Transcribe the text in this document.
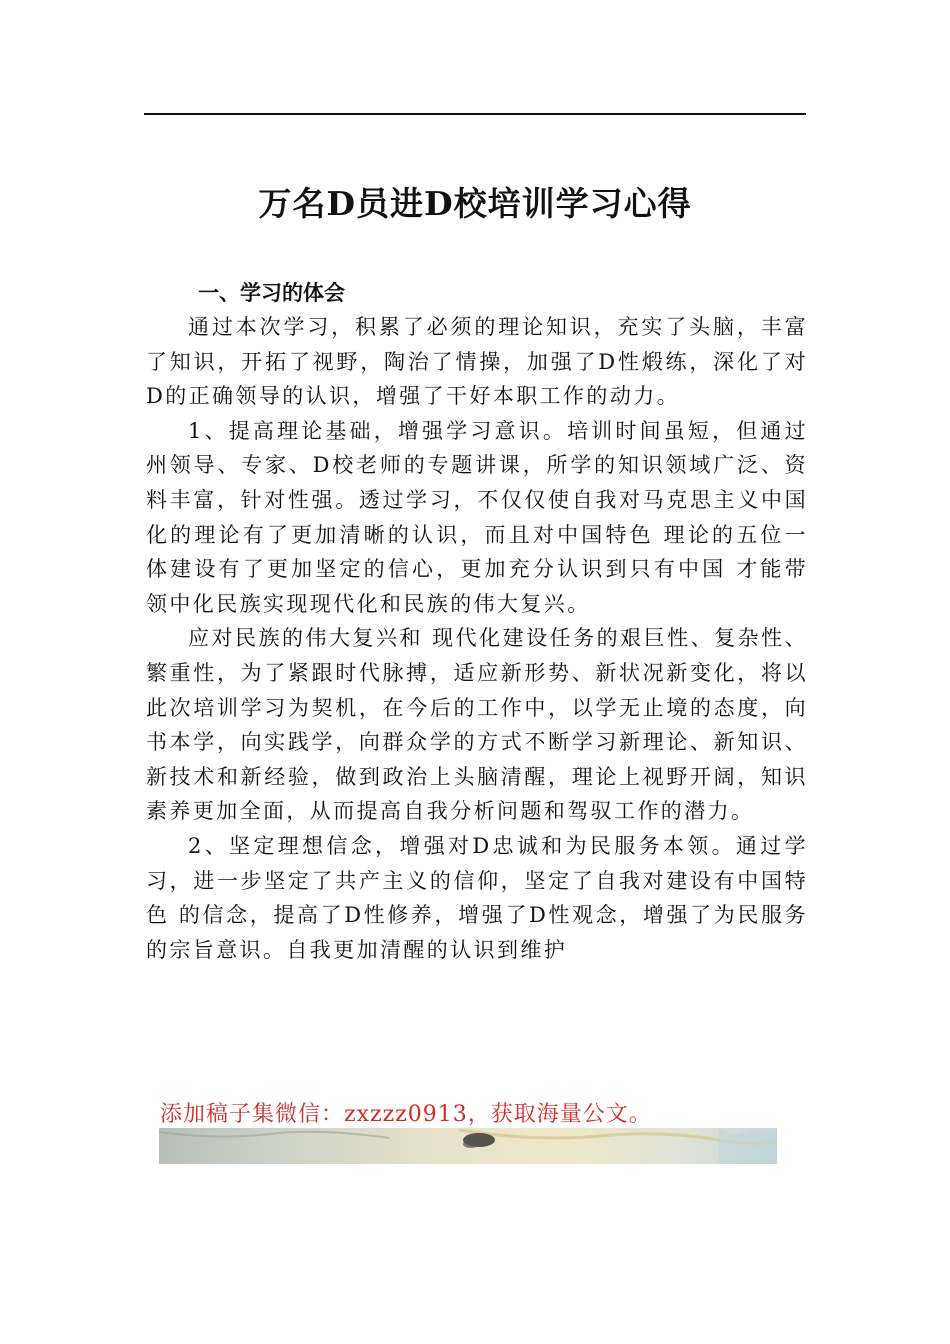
万名D员进D校培训学习心得
一、学习的体会

通过本次学习，积累了必须的理论知识，充实了头脑，丰富了知识，开拓了视野，陶治了情操，加强了D性煅练，深化了对D的正确领导的认识，增强了干好本职工作的动力。

1、提高理论基础，增强学习意识。培训时间虽短，但通过州领导、专家、D校老师的专题讲课，所学的知识领域广泛、资料丰富，针对性强。透过学习，不仅仅使自我对马克思主义中国化的理论有了更加清晰的认识，而且对中国特色 理论的五位一体建设有了更加坚定的信心，更加充分认识到只有中国 才能带领中化民族实现现代化和民族的伟大复兴。

应对民族的伟大复兴和 现代化建设任务的艰巨性、复杂性、繁重性，为了紧跟时代脉搏，适应新形势、新状况新变化，将以此次培训学习为契机，在今后的工作中，以学无止境的态度，向书本学，向实践学，向群众学的方式不断学习新理论、新知识、新技术和新经验，做到政治上头脑清醒，理论上视野开阔，知识素养更加全面，从而提高自我分析问题和驾驭工作的潜力。

2、坚定理想信念，增强对D忠诚和为民服务本领。通过学习，进一步坚定了共产主义的信仰，坚定了自我对建设有中国特色 的信念，提高了D性修养，增强了D性观念，增强了为民服务的宗旨意识。自我更加清醒的认识到维护

添加稿子集微信：zxzzz0913，获取海量公文。
